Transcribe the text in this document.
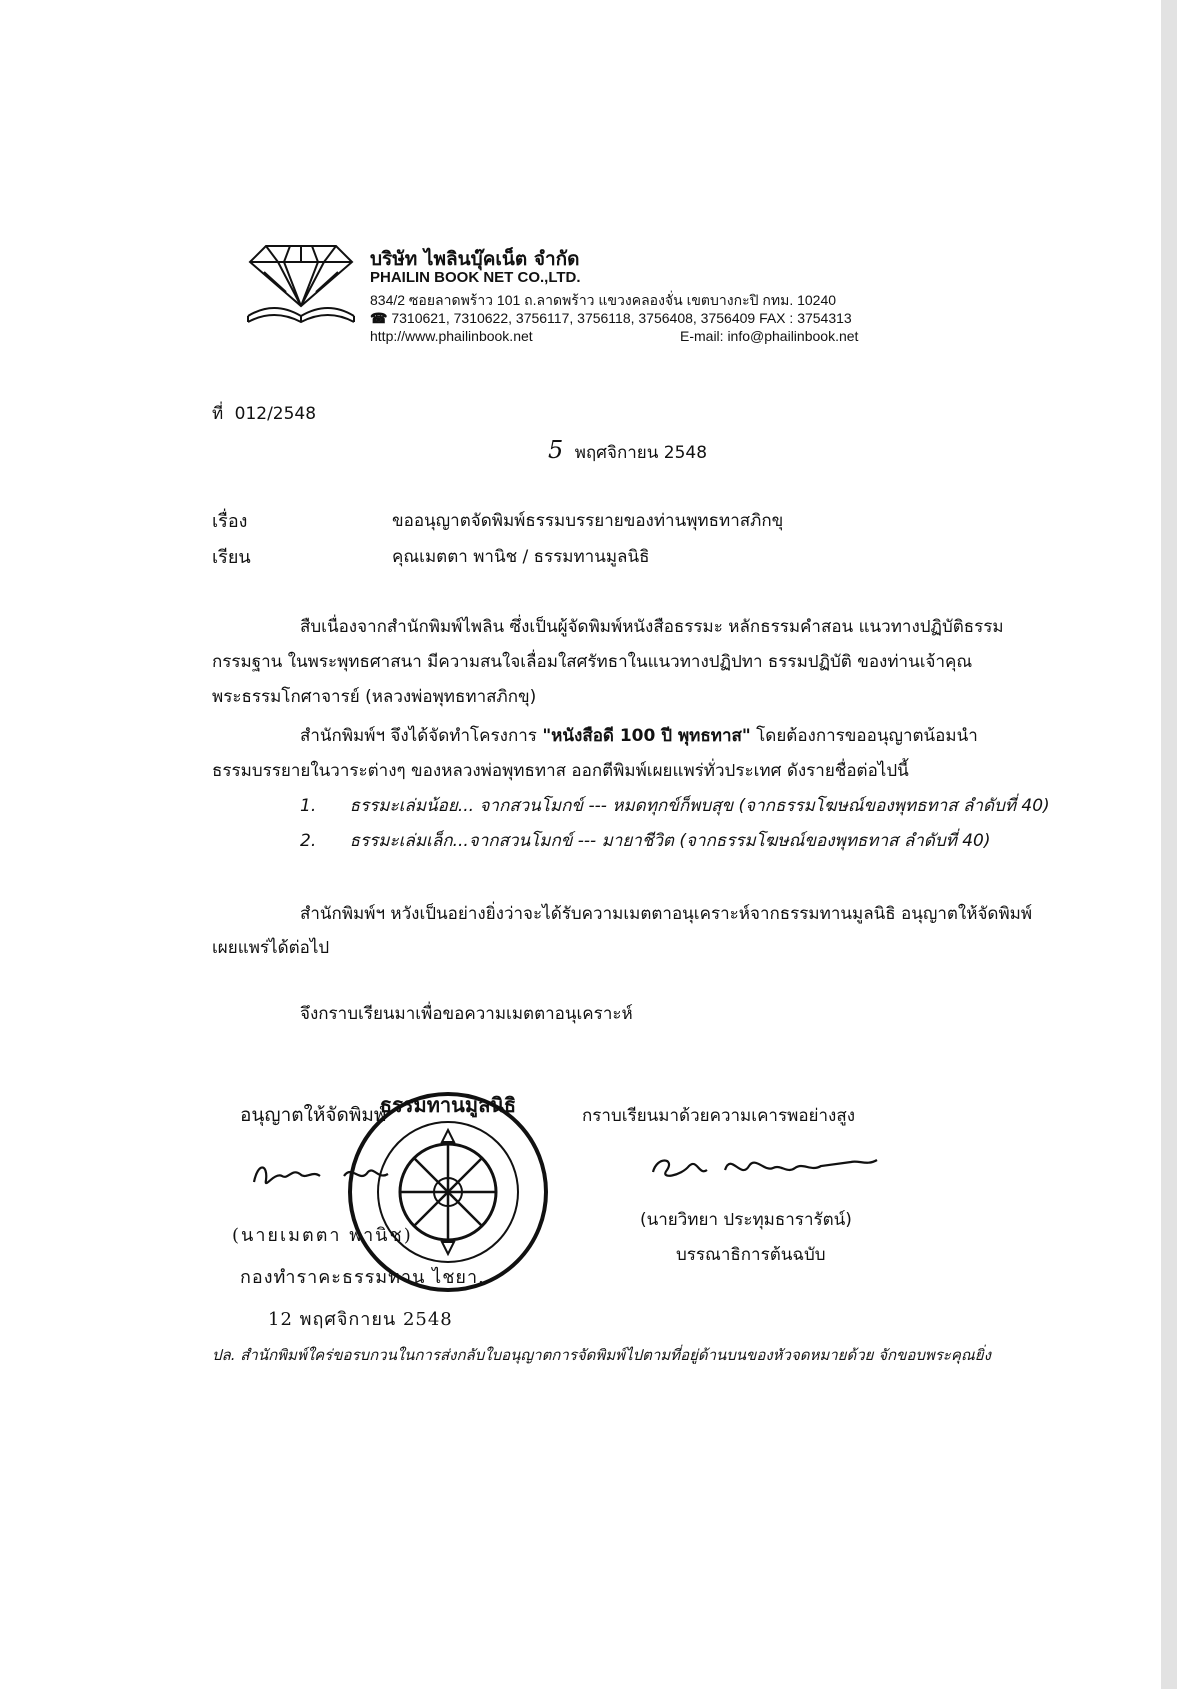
บริษัท ไพลินบุ๊คเน็ต จำกัด
PHAILIN BOOK NET CO.,LTD.
834/2 ซอยลาดพร้าว 101 ถ.ลาดพร้าว แขวงคลองจั่น เขตบางกะปิ กทม. 10240
☎ 7310621, 7310622, 3756117, 3756118, 3756408, 3756409 FAX : 3754313
http://www.phailinbook.net	E-mail: info@phailinbook.net
ที่ 012/2548
5 พฤศจิกายน 2548
เรื่อง	ขออนุญาตจัดพิมพ์ธรรมบรรยายของท่านพุทธทาสภิกขุ
เรียน	คุณเมตตา พานิช / ธรรมทานมูลนิธิ
สืบเนื่องจากสำนักพิมพ์ไพลิน ซึ่งเป็นผู้จัดพิมพ์หนังสือธรรมะ หลักธรรมคำสอน แนวทางปฏิบัติธรรม
กรรมฐาน ในพระพุทธศาสนา มีความสนใจเลื่อมใสศรัทธาในแนวทางปฏิปทา ธรรมปฏิบัติ ของท่านเจ้าคุณ
พระธรรมโกศาจารย์ (หลวงพ่อพุทธทาสภิกขุ)
สำนักพิมพ์ฯ จึงได้จัดทำโครงการ "หนังสือดี 100 ปี พุทธทาส" โดยต้องการขออนุญาตน้อมนำ
ธรรมบรรยายในวาระต่างๆ ของหลวงพ่อพุทธทาส ออกตีพิมพ์เผยแพร่ทั่วประเทศ ดังรายชื่อต่อไปนี้
1. ธรรมะเล่มน้อย... จากสวนโมกข์ --- หมดทุกข์ก็พบสุข (จากธรรมโฆษณ์ของพุทธทาส ลำดับที่ 40)
2. ธรรมะเล่มเล็ก...จากสวนโมกข์ --- มายาชีวิต (จากธรรมโฆษณ์ของพุทธทาส ลำดับที่ 40)
สำนักพิมพ์ฯ หวังเป็นอย่างยิ่งว่าจะได้รับความเมตตาอนุเคราะห์จากธรรมทานมูลนิธิ อนุญาตให้จัดพิมพ์
เผยแพร่ได้ต่อไป
จึงกราบเรียนมาเพื่อขอความเมตตาอนุเคราะห์
อนุญาตให้จัดพิมพ์
(นายเมตตา พานิช)
กองทำราคะธรรมทาน ไชยา.
12 พฤศจิกายน 2548
ธรรมทานมูลนิธิ	กราบเรียนมาด้วยความเคารพอย่างสูง
(นายวิทยา ประทุมธารารัตน์)
บรรณาธิการต้นฉบับ
ปล. สำนักพิมพ์ใคร่ขอรบกวนในการส่งกลับใบอนุญาตการจัดพิมพ์ไปตามที่อยู่ด้านบนของหัวจดหมายด้วย จักขอบพระคุณยิ่ง
